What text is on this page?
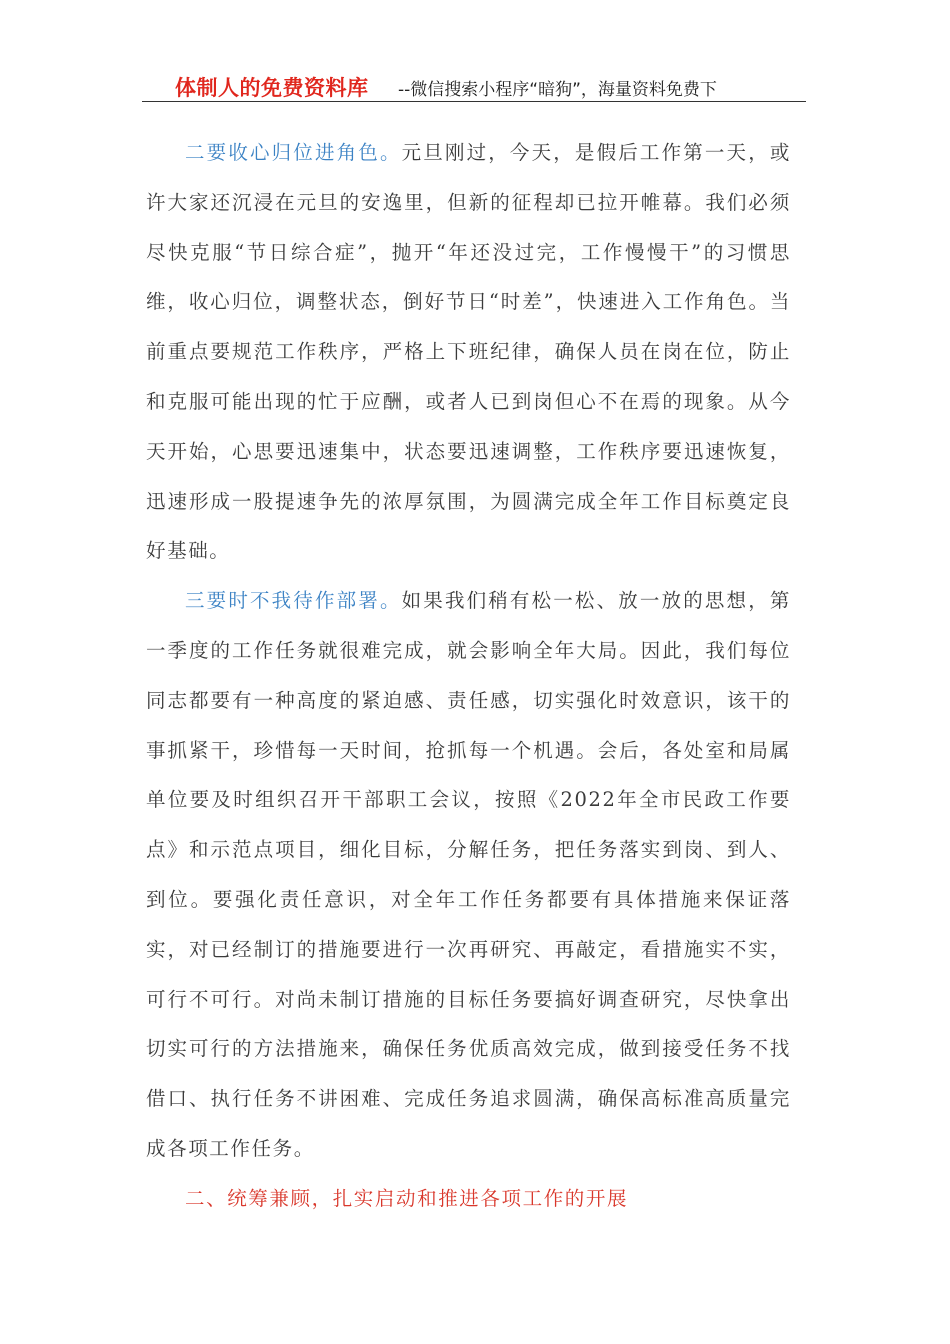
体制人的免费资料库 --微信搜索小程序“暗狗”，海量资料免费下

二要收心归位进角色。元旦刚过，今天，是假后工作第一天，或许大家还沉浸在元旦的安逸里，但新的征程却已拉开帷幕。我们必须尽快克服“节日综合症”，抛开“年还没过完，工作慢慢干”的习惯思维，收心归位，调整状态，倒好节日“时差”，快速进入工作角色。当前重点要规范工作秩序，严格上下班纪律，确保人员在岗在位，防止和克服可能出现的忙于应酬，或者人已到岗但心不在焉的现象。从今天开始，心思要迅速集中，状态要迅速调整，工作秩序要迅速恢复，迅速形成一股提速争先的浓厚氛围，为圆满完成全年工作目标奠定良好基础。

三要时不我待作部署。如果我们稍有松一松、放一放的思想，第一季度的工作任务就很难完成，就会影响全年大局。因此，我们每位同志都要有一种高度的紧迫感、责任感，切实强化时效意识，该干的事抓紧干，珍惜每一天时间，抢抓每一个机遇。会后，各处室和局属单位要及时组织召开干部职工会议，按照《2022年全市民政工作要点》和示范点项目，细化目标，分解任务，把任务落实到岗、到人、到位。要强化责任意识，对全年工作任务都要有具体措施来保证落实，对已经制订的措施要进行一次再研究、再敲定，看措施实不实，可行不可行。对尚未制订措施的目标任务要搞好调查研究，尽快拿出切实可行的方法措施来，确保任务优质高效完成，做到接受任务不找借口、执行任务不讲困难、完成任务追求圆满，确保高标准高质量完成各项工作任务。

二、统筹兼顾，扎实启动和推进各项工作的开展
